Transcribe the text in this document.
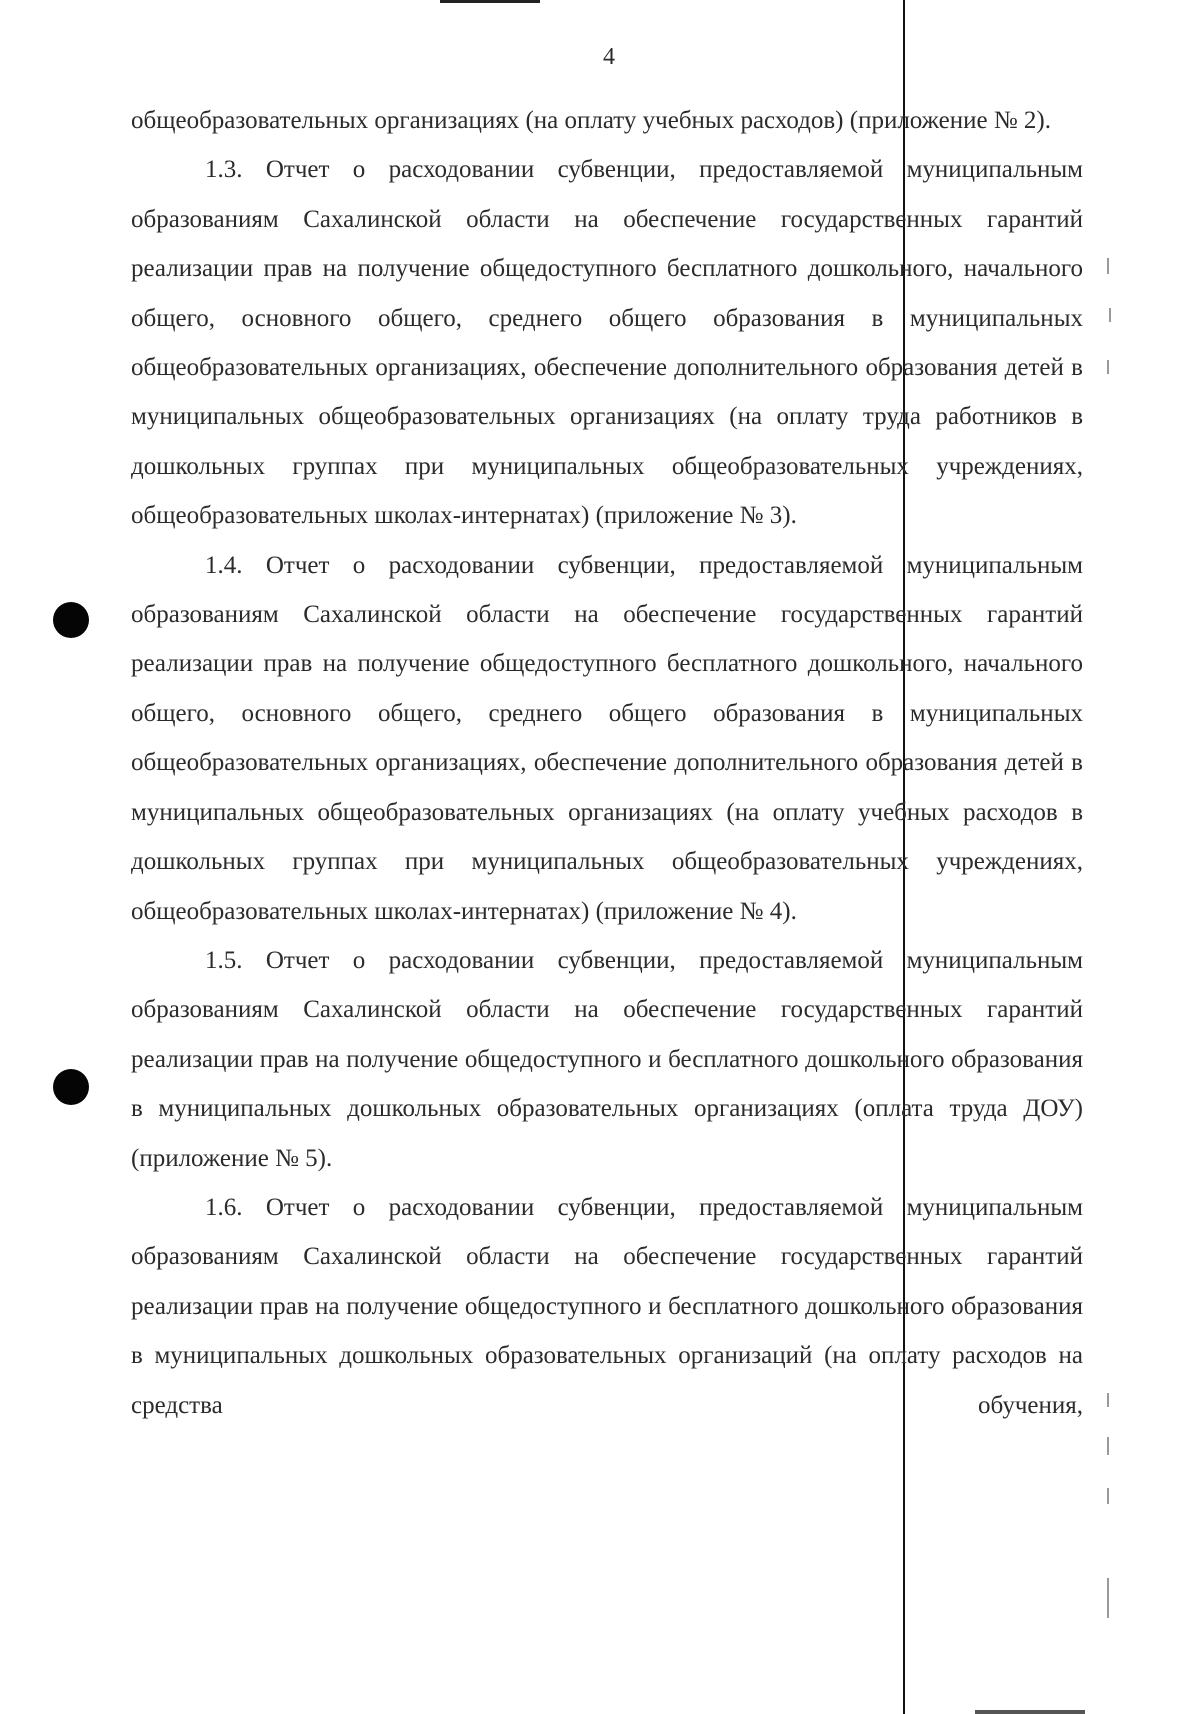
4

общеобразовательных организациях (на оплату учебных расходов) (приложение № 2).

1.3. Отчет о расходовании субвенции, предоставляемой муниципальным образованиям Сахалинской области на обеспечение государственных гарантий реализации прав на получение общедоступного бесплатного дошкольного, начального общего, основного общего, среднего общего образования в муниципальных общеобразовательных организациях, обеспечение дополнительного образования детей в муниципальных общеобразовательных организациях (на оплату труда работников в дошкольных группах при муниципальных общеобразовательных учреждениях, общеобразовательных школах-интернатах) (приложение № 3).

1.4. Отчет о расходовании субвенции, предоставляемой муниципальным образованиям Сахалинской области на обеспечение государственных гарантий реализации прав на получение общедоступного бесплатного дошкольного, начального общего, основного общего, среднего общего образования в муниципальных общеобразовательных организациях, обеспечение дополнительного образования детей в муниципальных общеобразовательных организациях (на оплату учебных расходов в дошкольных группах при муниципальных общеобразовательных учреждениях, общеобразовательных школах-интернатах) (приложение № 4).

1.5. Отчет о расходовании субвенции, предоставляемой муниципальным образованиям Сахалинской области на обеспечение государственных гарантий реализации прав на получение общедоступного и бесплатного дошкольного образования в муниципальных дошкольных образовательных организациях (оплата труда ДОУ) (приложение № 5).

1.6. Отчет о расходовании субвенции, предоставляемой муниципальным образованиям Сахалинской области на обеспечение государственных гарантий реализации прав на получение общедоступного и бесплатного дошкольного образования в муниципальных дошкольных образовательных организаций (на оплату расходов на средства обучения,
